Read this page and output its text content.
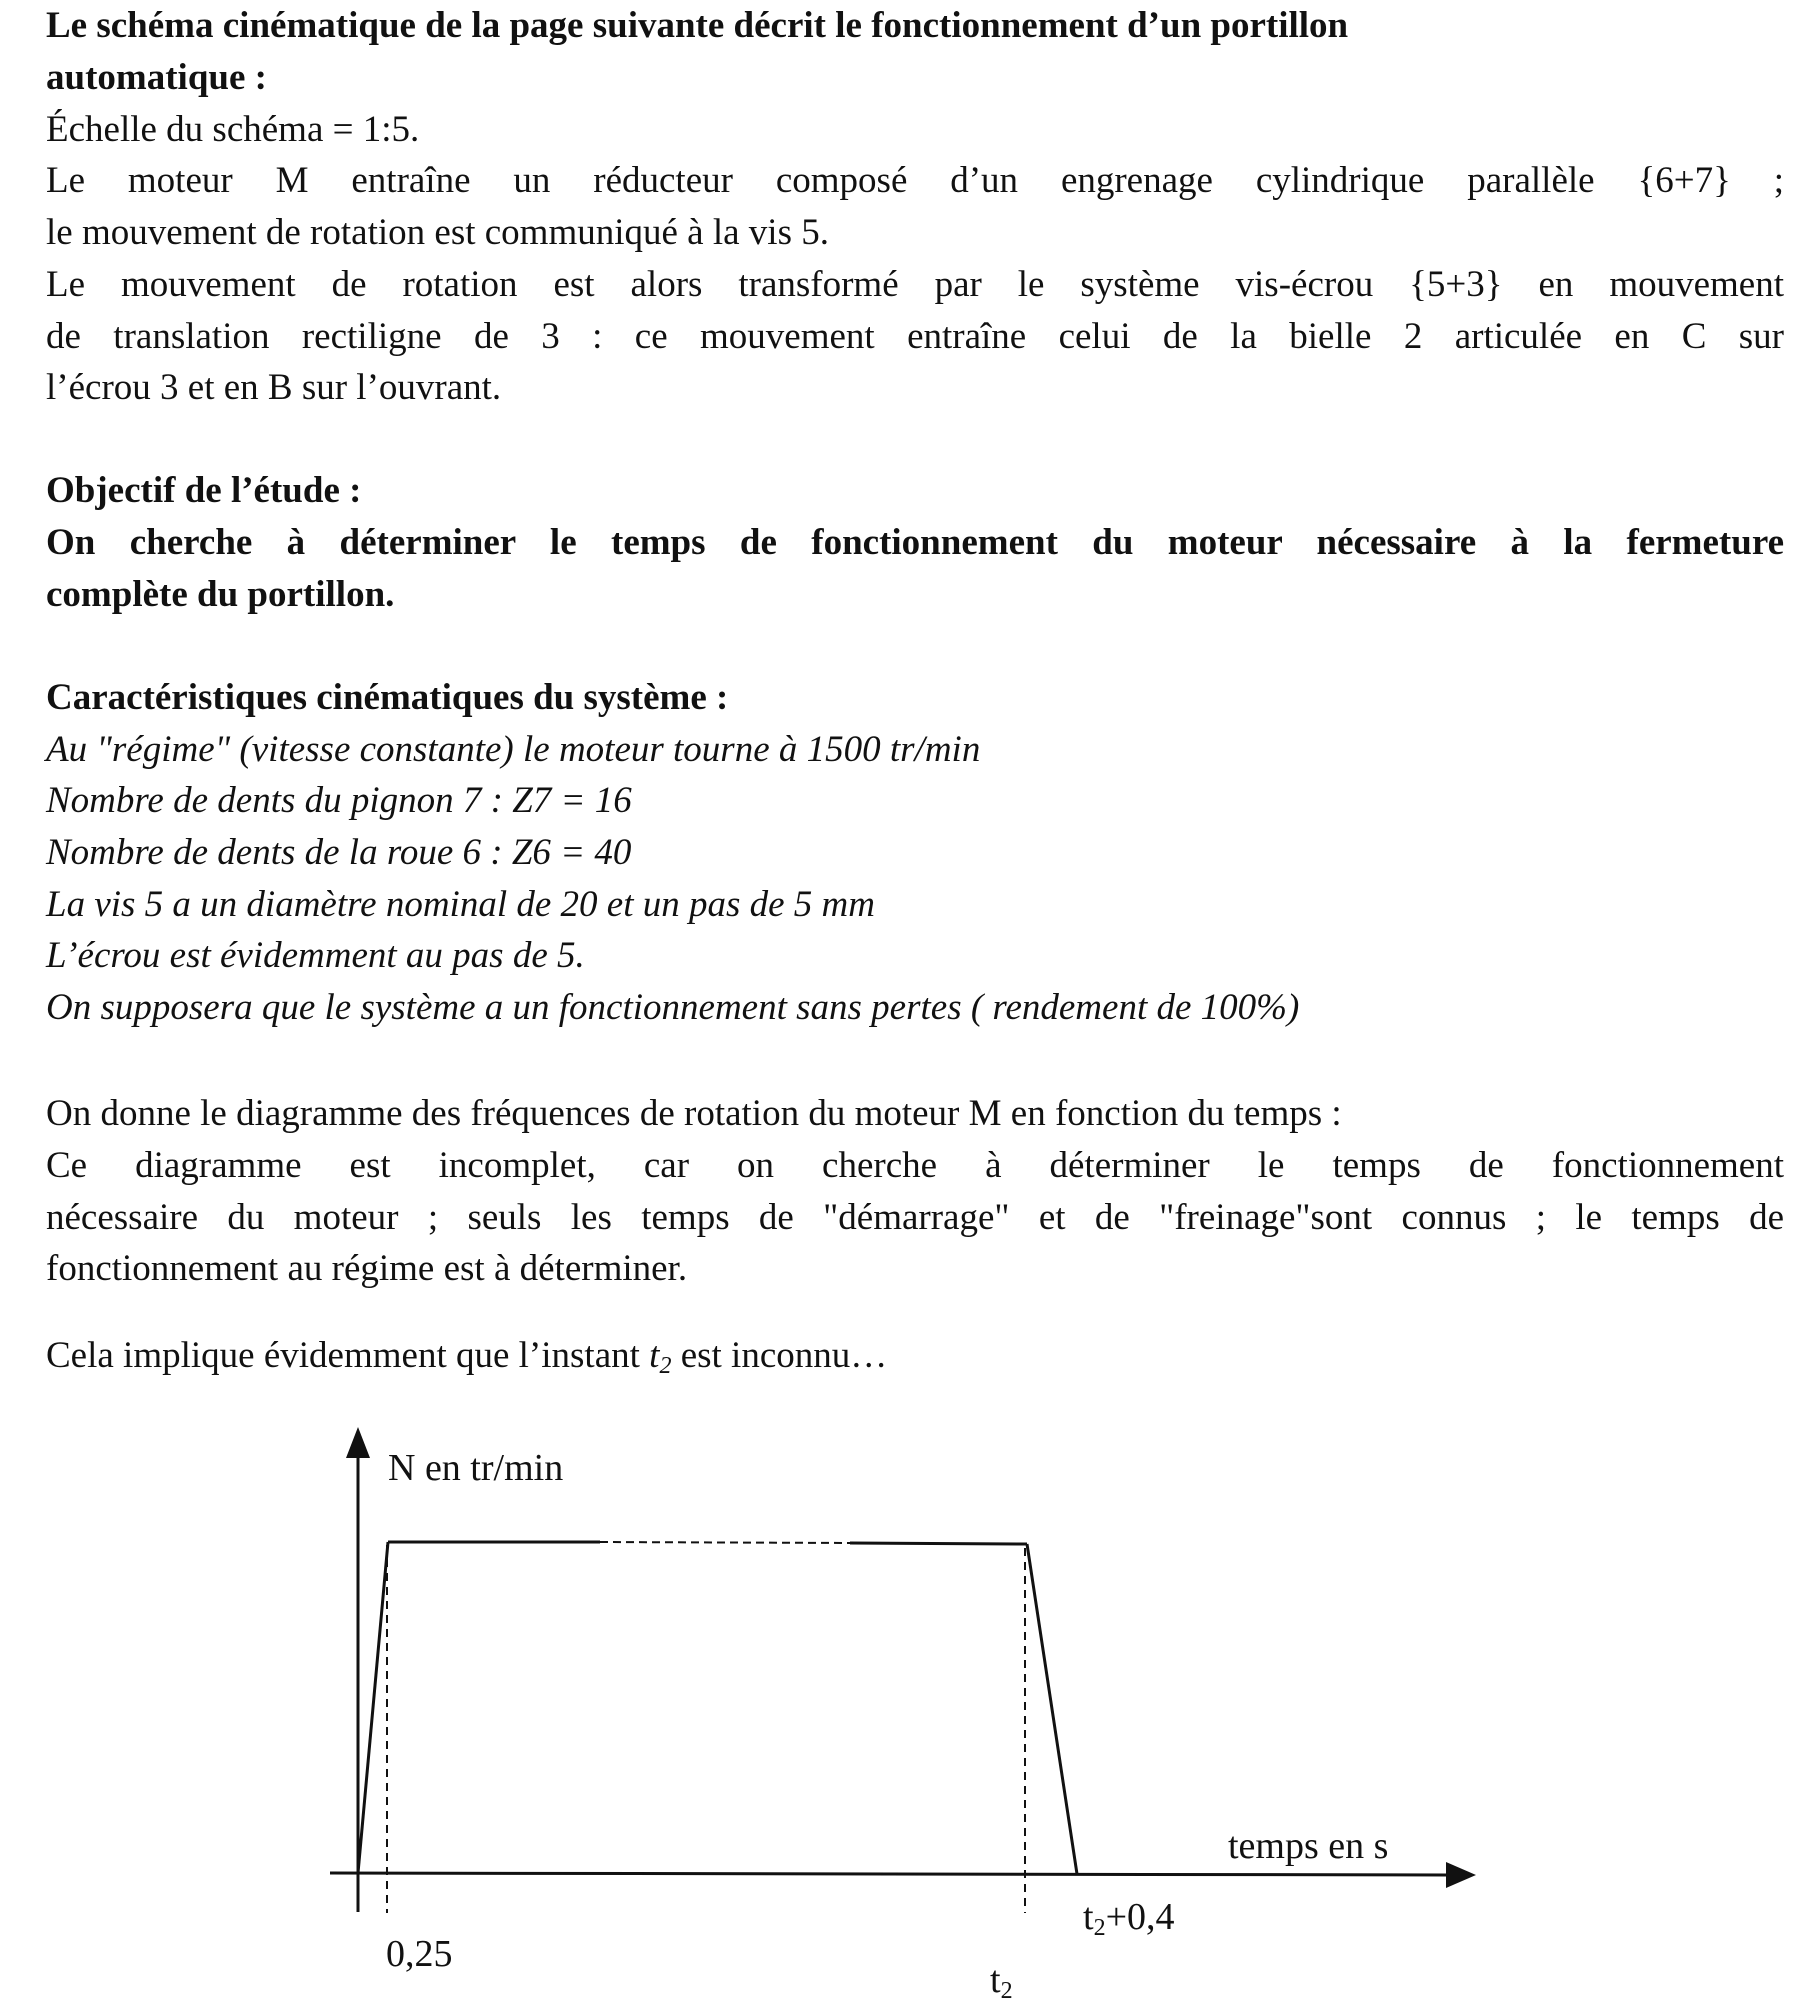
Le schéma cinématique de la page suivante décrit le fonctionnement d’un portillon
automatique :
Échelle du schéma = 1:5.
Le moteur M entraîne un réducteur composé d’un engrenage cylindrique parallèle {6+7} ;
le mouvement de rotation est communiqué à la vis 5.
Le mouvement de rotation est alors transformé par le système vis-écrou {5+3} en mouvement
de translation rectiligne de 3 : ce mouvement entraîne celui de la bielle 2 articulée en C sur
l’écrou 3 et en B sur l’ouvrant.
Objectif de l’étude :
On cherche à déterminer le temps de fonctionnement du moteur nécessaire à la fermeture
complète du portillon.
Caractéristiques cinématiques du système :
Au "régime" (vitesse constante) le moteur tourne à 1500 tr/min
Nombre de dents du pignon 7 : Z7 = 16
Nombre de dents de la roue 6 : Z6 = 40
La vis 5 a un diamètre nominal de 20 et un pas de 5 mm
L’écrou est évidemment au pas de 5.
On supposera que le système a un fonctionnement sans pertes ( rendement de 100%)
On donne le diagramme des fréquences de rotation du moteur M en fonction du temps :
Ce diagramme est incomplet, car on cherche à déterminer le temps de fonctionnement
nécessaire du moteur ; seuls les temps de "démarrage" et de "freinage"sont connus ; le temps de
fonctionnement au régime est à déterminer.
Cela implique évidemment que l’instant $t_2$ est inconnu…
N en tr/min
temps en s
0,25
$t_2$
$t_2+0,4$
